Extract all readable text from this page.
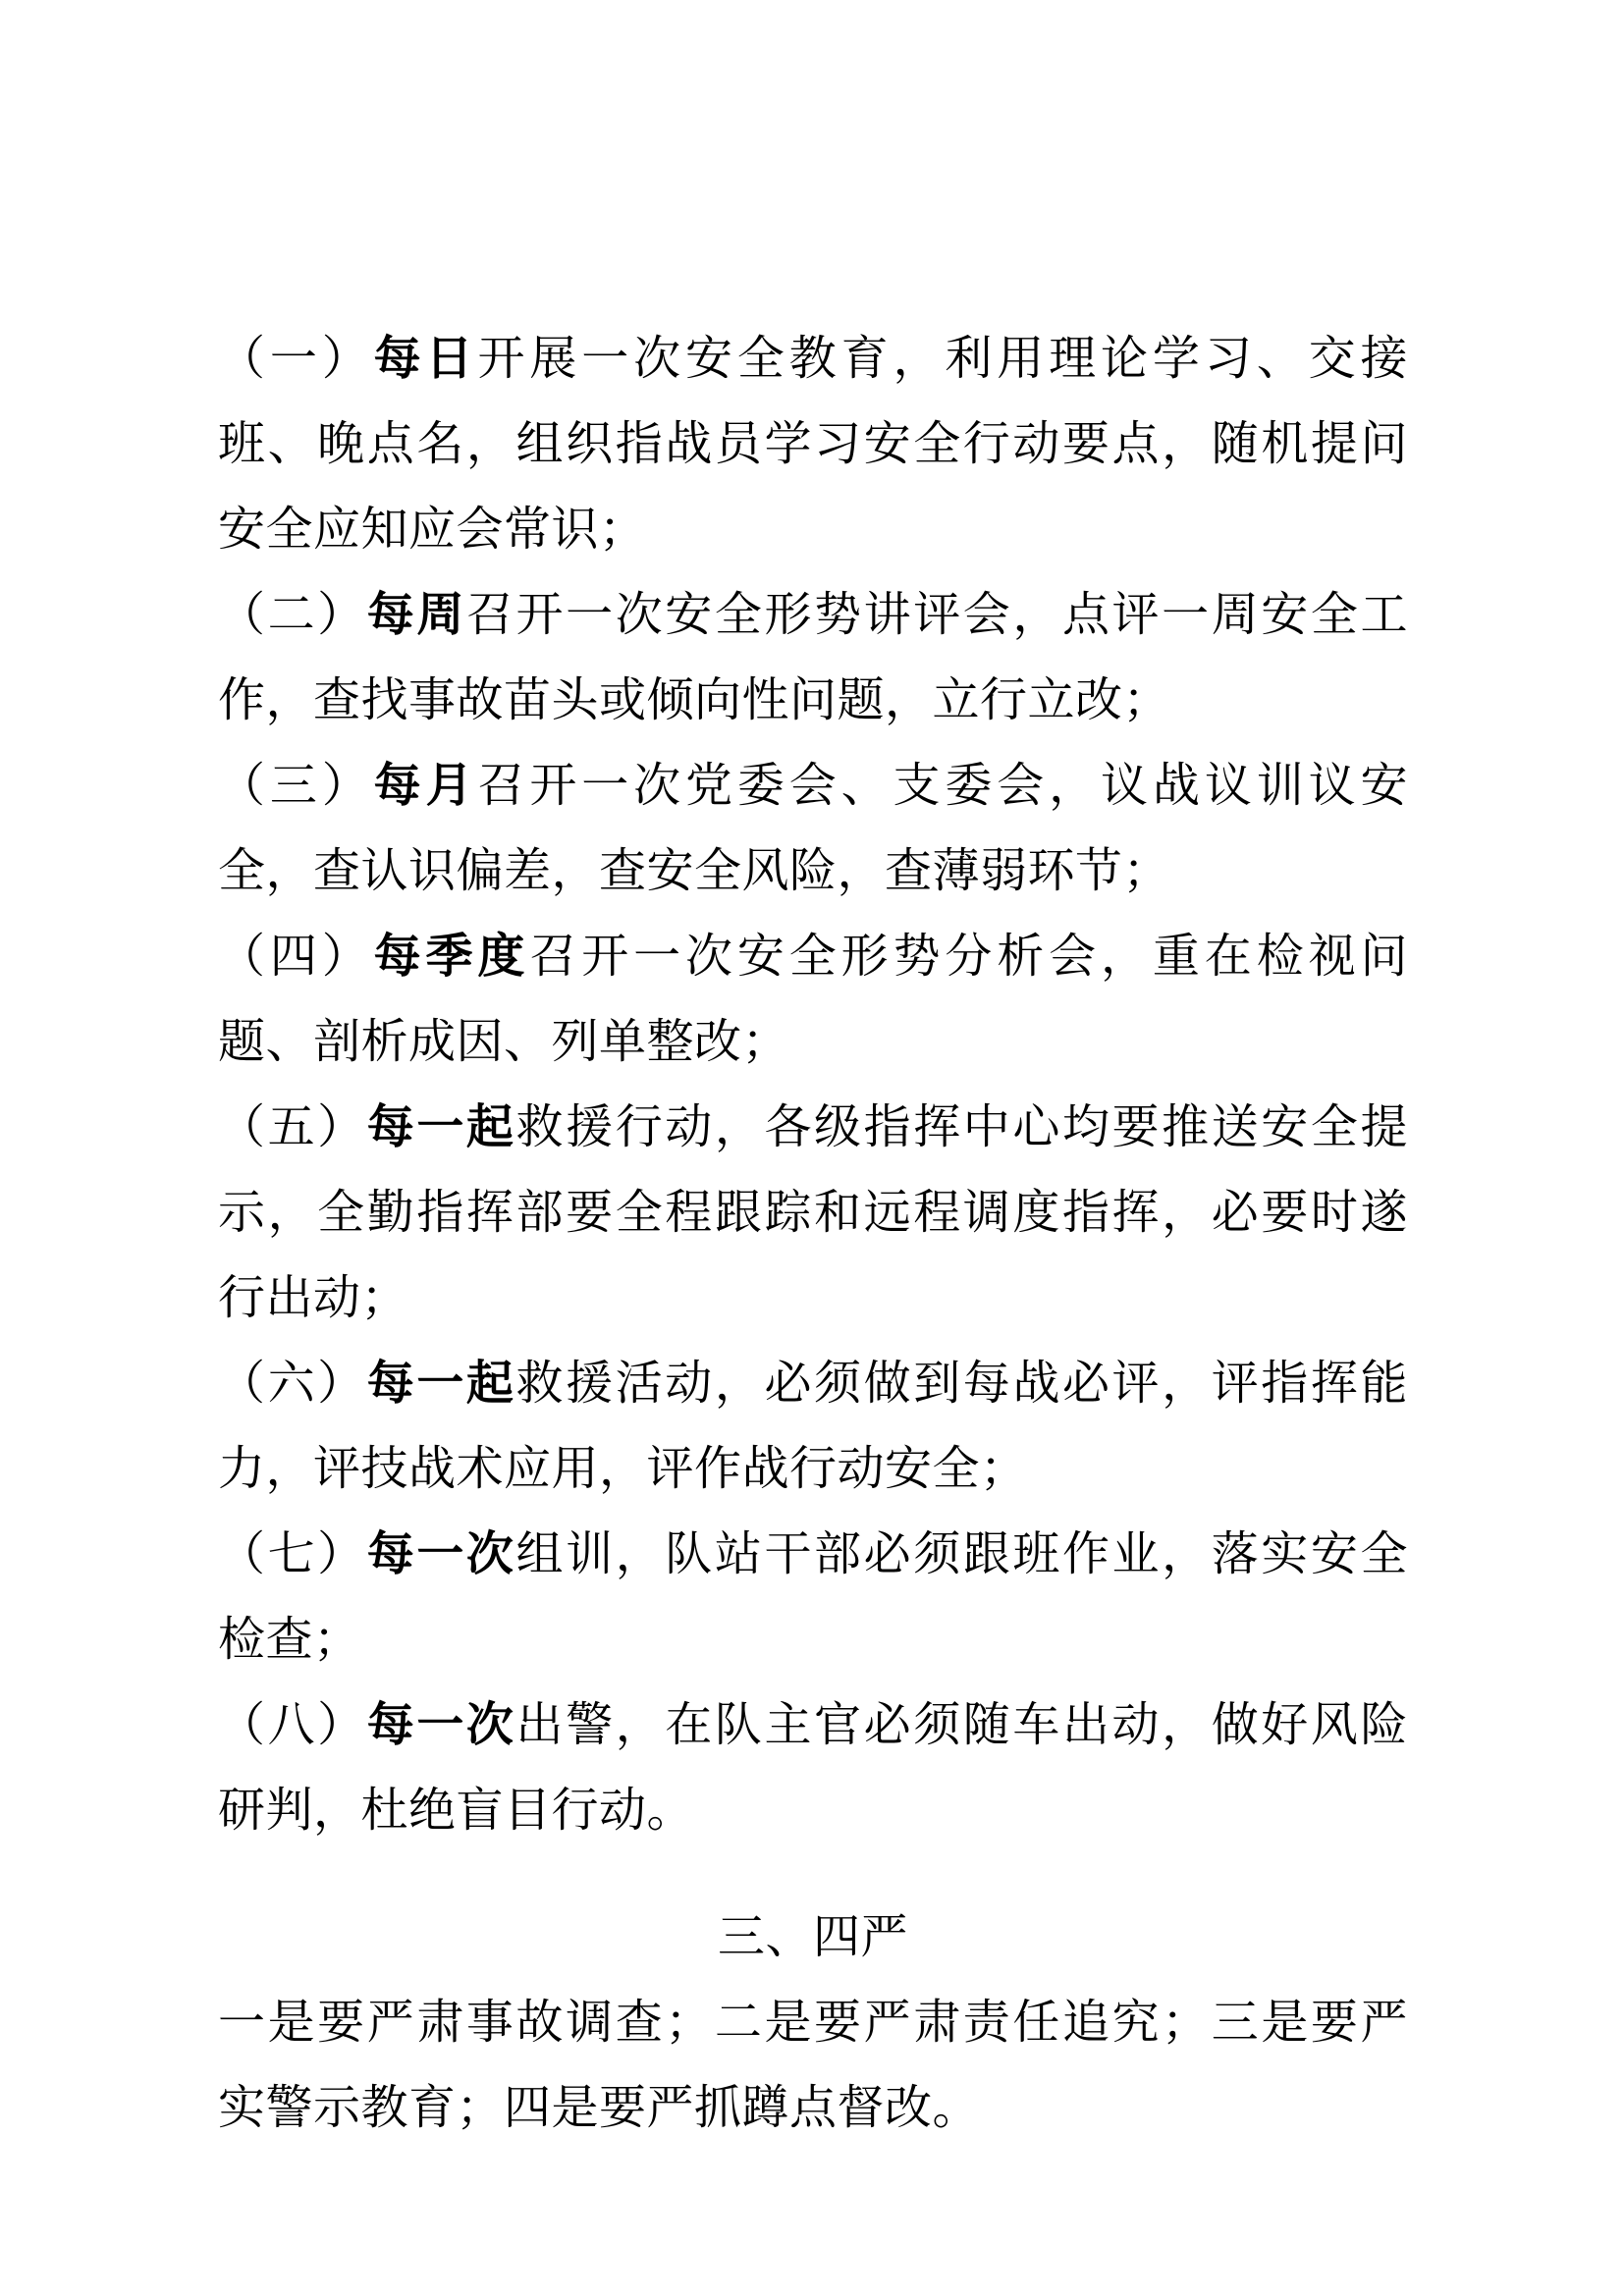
（一）每日开展一次安全教育，利用理论学习、交接班、晚点名，组织指战员学习安全行动要点，随机提问安全应知应会常识；

（二）每周召开一次安全形势讲评会，点评一周安全工作，查找事故苗头或倾向性问题，立行立改；

（三）每月召开一次党委会、支委会，议战议训议安全，查认识偏差，查安全风险，查薄弱环节；

（四）每季度召开一次安全形势分析会，重在检视问题、剖析成因、列单整改；

（五）每一起救援行动，各级指挥中心均要推送安全提示，全勤指挥部要全程跟踪和远程调度指挥，必要时遂行出动；

（六）每一起救援活动，必须做到每战必评，评指挥能力，评技战术应用，评作战行动安全；

（七）每一次组训，队站干部必须跟班作业，落实安全检查；

（八）每一次出警，在队主官必须随车出动，做好风险研判，杜绝盲目行动。

三、四严

一是要严肃事故调查；二是要严肃责任追究；三是要严实警示教育；四是要严抓蹲点督改。
